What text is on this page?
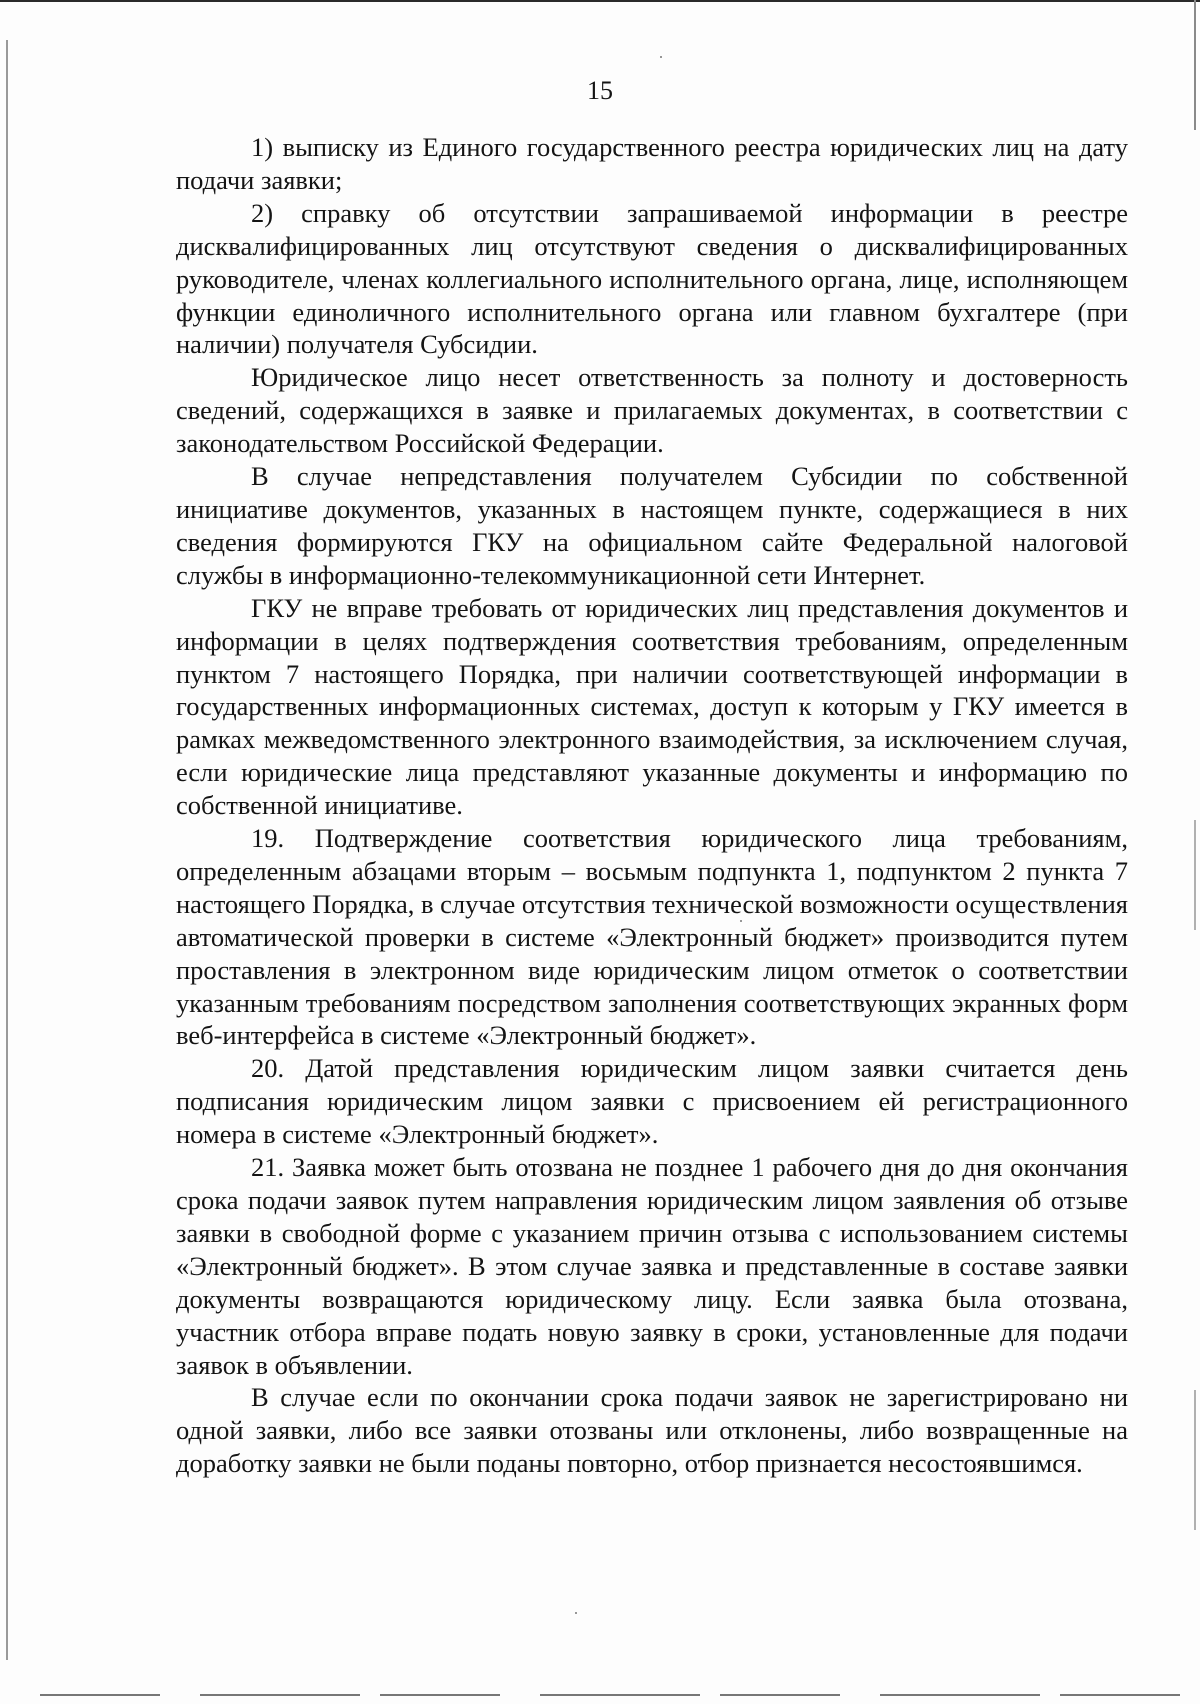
15

1) выписку из Единого государственного реестра юридических лиц на дату подачи заявки;

2) справку об отсутствии запрашиваемой информации в реестре дисквалифицированных лиц отсутствуют сведения о дисквалифицированных руководителе, членах коллегиального исполнительного органа, лице, исполняющем функции единоличного исполнительного органа или главном бухгалтере (при наличии) получателя Субсидии.

Юридическое лицо несет ответственность за полноту и достоверность сведений, содержащихся в заявке и прилагаемых документах, в соответствии с законодательством Российской Федерации.

В случае непредставления получателем Субсидии по собственной инициативе документов, указанных в настоящем пункте, содержащиеся в них сведения формируются ГКУ на официальном сайте Федеральной налоговой службы в информационно-телекоммуникационной сети Интернет.

ГКУ не вправе требовать от юридических лиц представления документов и информации в целях подтверждения соответствия требованиям, определенным пунктом 7 настоящего Порядка, при наличии соответствующей информации в государственных информационных системах, доступ к которым у ГКУ имеется в рамках межведомственного электронного взаимодействия, за исключением случая, если юридические лица представляют указанные документы и информацию по собственной инициативе.

19. Подтверждение соответствия юридического лица требованиям, определенным абзацами вторым – восьмым подпункта 1, подпунктом 2 пункта 7 настоящего Порядка, в случае отсутствия технической возможности осуществления автоматической проверки в системе «Электронный бюджет» производится путем проставления в электронном виде юридическим лицом отметок о соответствии указанным требованиям посредством заполнения соответствующих экранных форм веб-интерфейса в системе «Электронный бюджет».

20. Датой представления юридическим лицом заявки считается день подписания юридическим лицом заявки с присвоением ей регистрационного номера в системе «Электронный бюджет».

21. Заявка может быть отозвана не позднее 1 рабочего дня до дня окончания срока подачи заявок путем направления юридическим лицом заявления об отзыве заявки в свободной форме с указанием причин отзыва с использованием системы «Электронный бюджет». В этом случае заявка и представленные в составе заявки документы возвращаются юридическому лицу. Если заявка была отозвана, участник отбора вправе подать новую заявку в сроки, установленные для подачи заявок в объявлении.

В случае если по окончании срока подачи заявок не зарегистрировано ни одной заявки, либо все заявки отозваны или отклонены, либо возвращенные на доработку заявки не были поданы повторно, отбор признается несостоявшимся.
